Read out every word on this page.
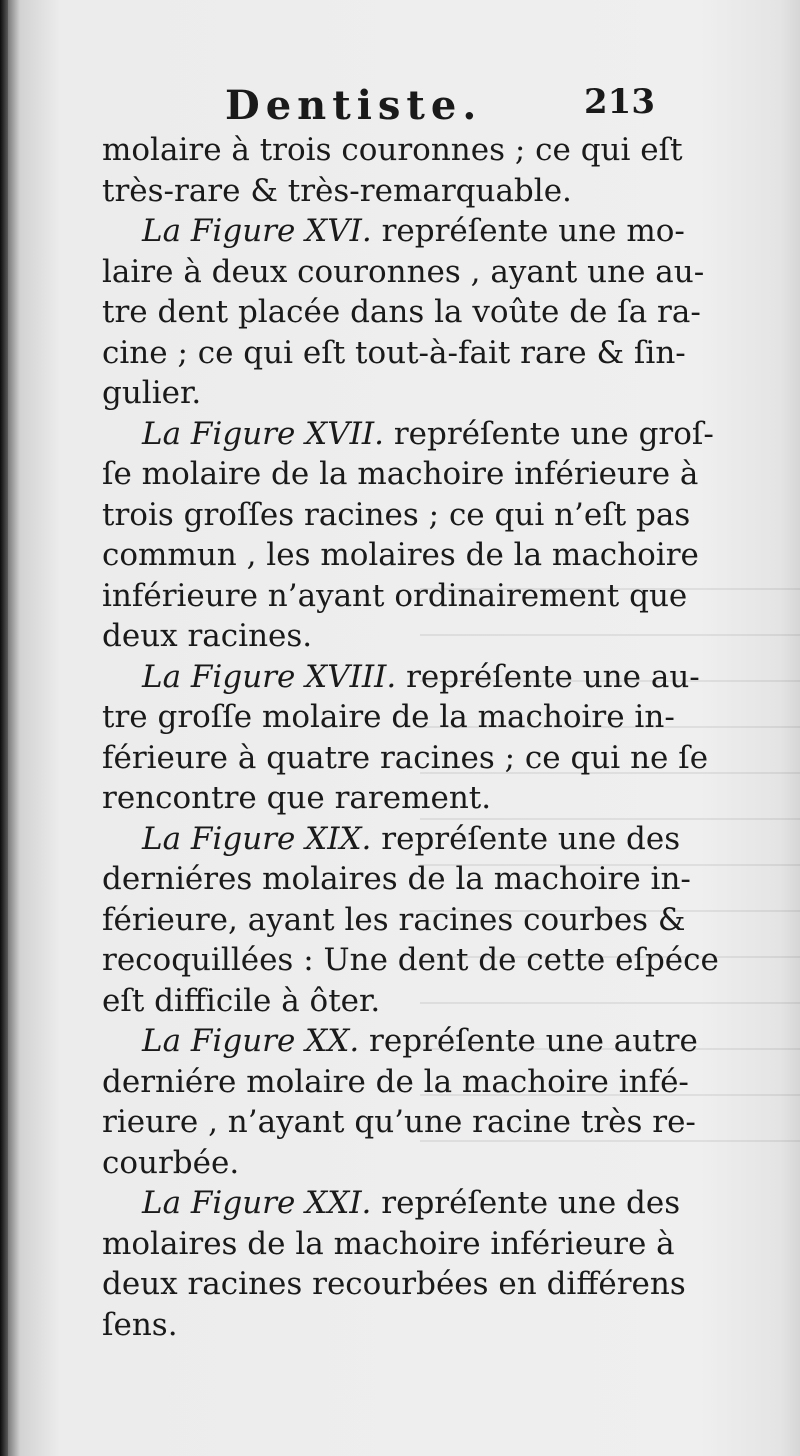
Dentiste.	213
molaire à trois couronnes ; ce qui eſt
très-rare & très-remarquable.
La Figure XVI. repréſente une mo-
laire à deux couronnes , ayant une au-
tre dent placée dans la voûte de ſa ra-
cine ; ce qui eſt tout-à-fait rare & ſin-
gulier.
La Figure XVII. repréſente une groſ-
ſe molaire de la machoire inférieure à
trois groſſes racines ; ce qui n’eſt pas
commun , les molaires de la machoire
inférieure n’ayant ordinairement que
deux racines.
La Figure XVIII. repréſente une au-
tre groſſe molaire de la machoire in-
férieure à quatre racines ; ce qui ne ſe
rencontre que rarement.
La Figure XIX. repréſente une des
derniéres molaires de la machoire in-
férieure, ayant les racines courbes &
recoquillées : Une dent de cette eſpéce
eſt difficile à ôter.
La Figure XX. repréſente une autre
derniére molaire de la machoire infé-
rieure , n’ayant qu’une racine très re-
courbée.
La Figure XXI. repréſente une des
molaires de la machoire inférieure à
deux racines recourbées en différens
ſens.
